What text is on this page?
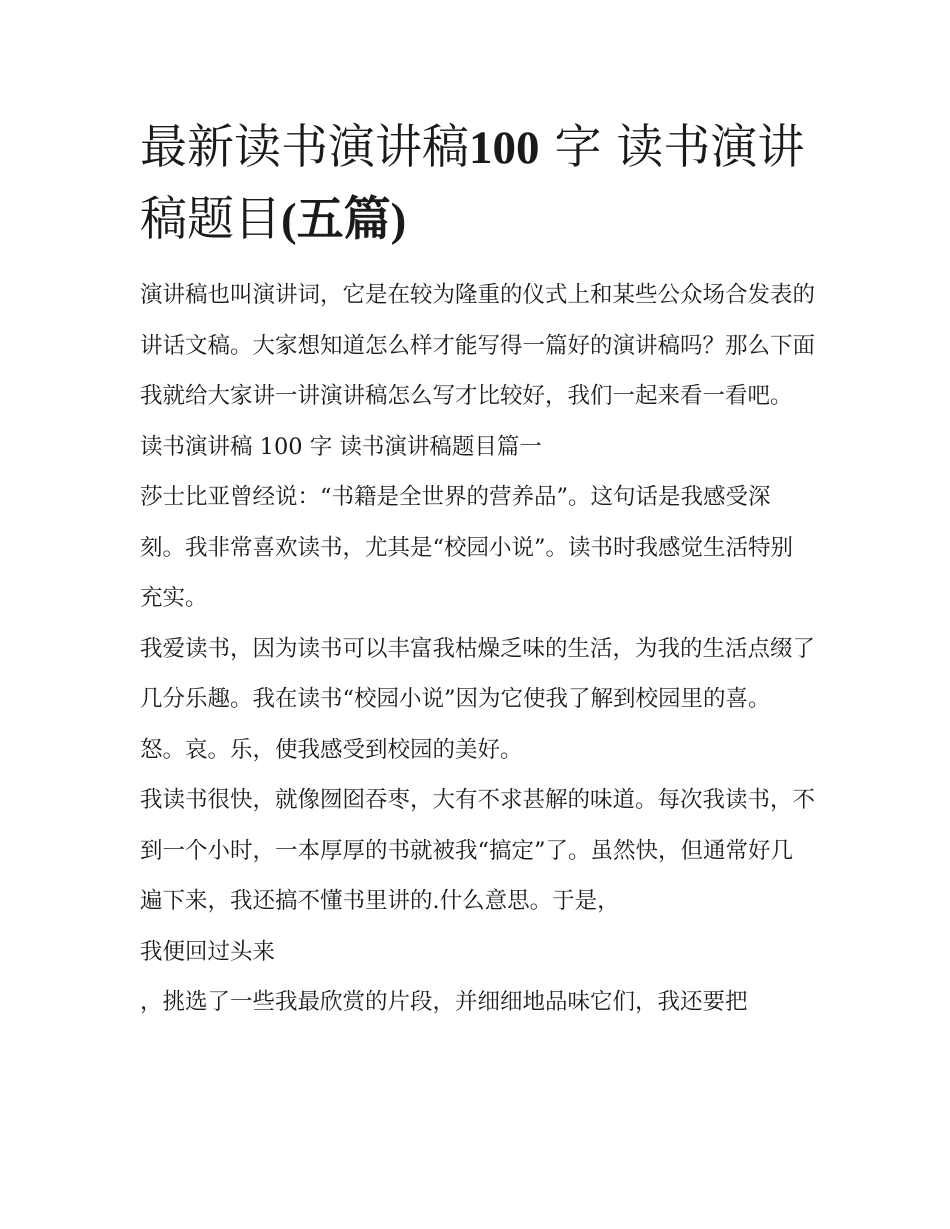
最新读书演讲稿100 字 读书演讲稿题目(五篇)

演讲稿也叫演讲词，它是在较为隆重的仪式上和某些公众场合发表的讲话文稿。大家想知道怎么样才能写得一篇好的演讲稿吗？那么下面我就给大家讲一讲演讲稿怎么写才比较好，我们一起来看一看吧。

读书演讲稿 100 字 读书演讲稿题目篇一

莎士比亚曾经说：“书籍是全世界的营养品”。这句话是我感受深刻。我非常喜欢读书，尤其是“校园小说”。读书时我感觉生活特别充实。

我爱读书，因为读书可以丰富我枯燥乏味的生活，为我的生活点缀了几分乐趣。我在读书“校园小说”因为它使我了解到校园里的喜。怒。哀。乐，使我感受到校园的美好。

我读书很快，就像囫囵吞枣，大有不求甚解的味道。每次我读书，不到一个小时，一本厚厚的书就被我“搞定”了。虽然快，但通常好几遍下来，我还搞不懂书里讲的.什么意思。于是，

我便回过头来

，挑选了一些我最欣赏的片段，并细细地品味它们，我还要把
